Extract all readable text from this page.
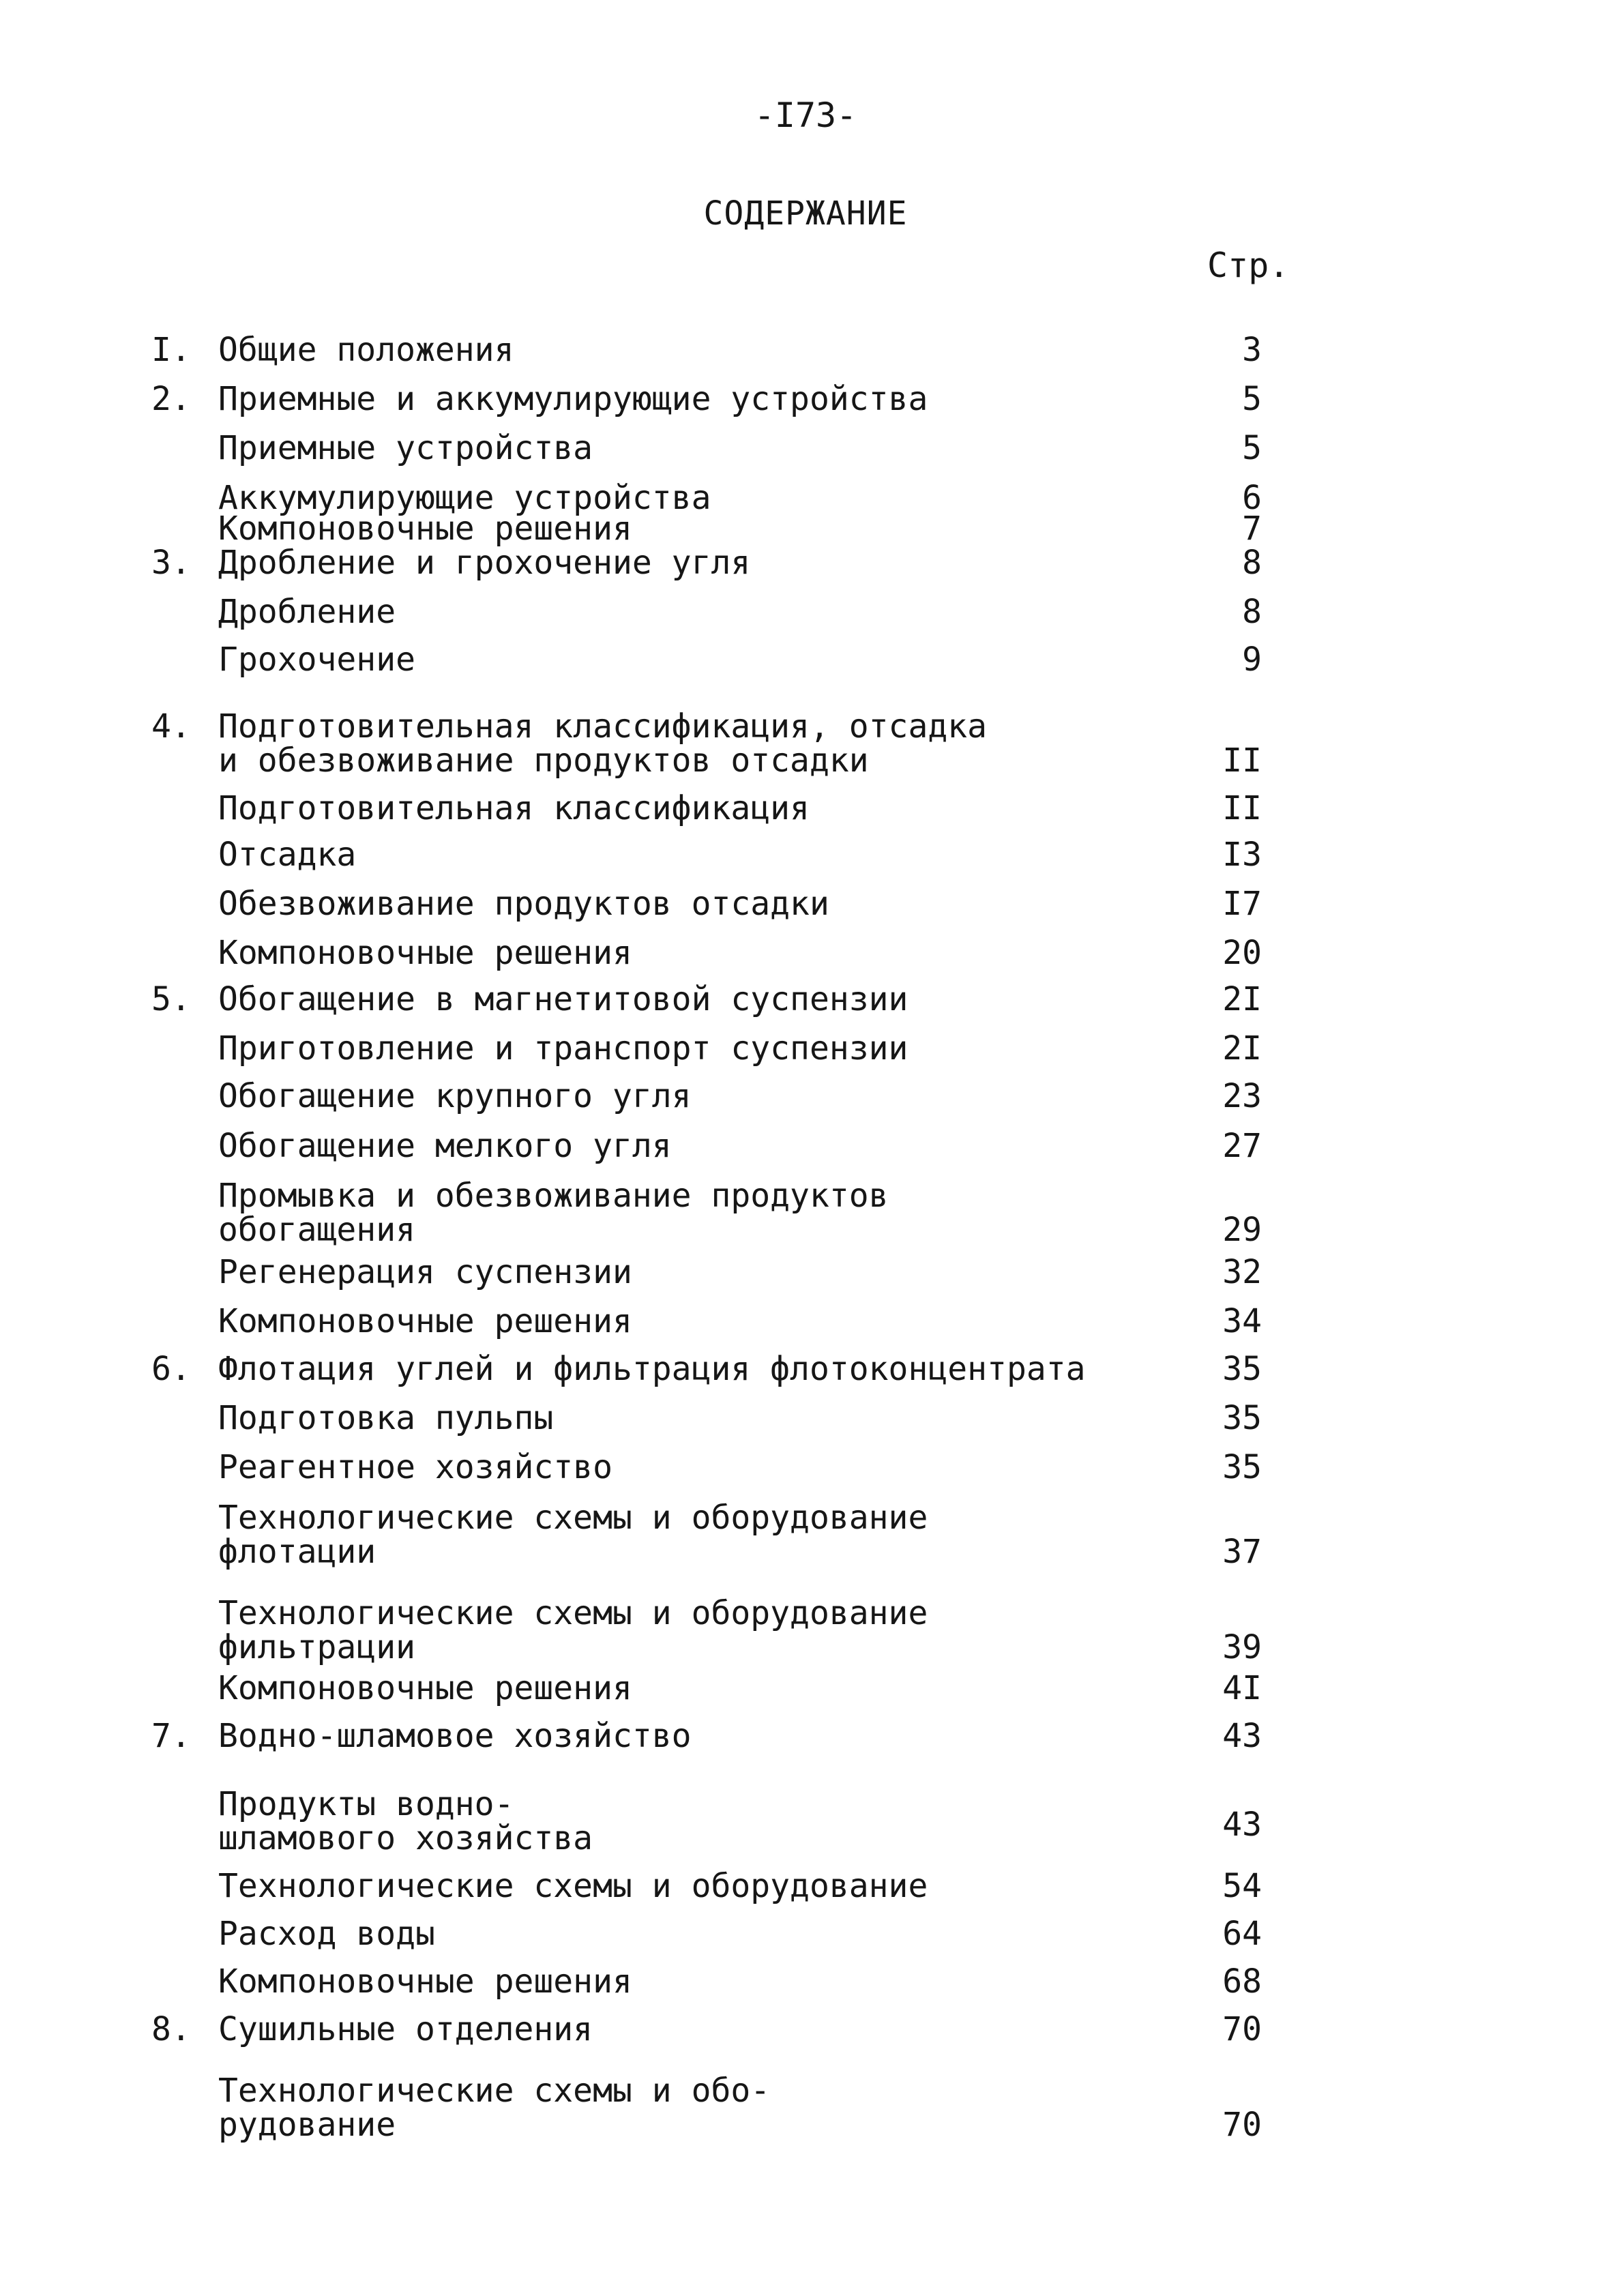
-I73-
СОДЕРЖАНИЕ
Стр.
I. Общие положения	3
2. Приемные и аккумулирующие устройства	5
Приемные устройства	5
Аккумулирующие устройства	6
Компоновочные решения	7
3. Дробление и грохочение угля	8
Дробление	8
Грохочение	9
4. Подготовительная классификация, отсадка
и обезвоживание продуктов отсадки	II
Подготовительная классификация	II
Отсадка	I3
Обезвоживание продуктов отсадки	I7
Компоновочные решения	20
5. Обогащение в магнетитовой суспензии	2I
Приготовление и транспорт суспензии	2I
Обогащение крупного угля	23
Обогащение мелкого угля	27
Промывка и обезвоживание продуктов
обогащения	29
Регенерация суспензии	32
Компоновочные решения	34
6. Флотация углей и фильтрация флотоконцентрата	35
Подготовка пульпы	35
Реагентное хозяйство	35
Технологические схемы и оборудование
флотации	37
Технологические схемы и оборудование
фильтрации	39
Компоновочные решения	4I
7. Водно-шламовое хозяйство	43
Продукты водно-
шламового хозяйства	43
Технологические схемы и оборудование	54
Расход воды	64
Компоновочные решения	68
8. Сушильные отделения	70
Технологические схемы и обо-
рудование	70
